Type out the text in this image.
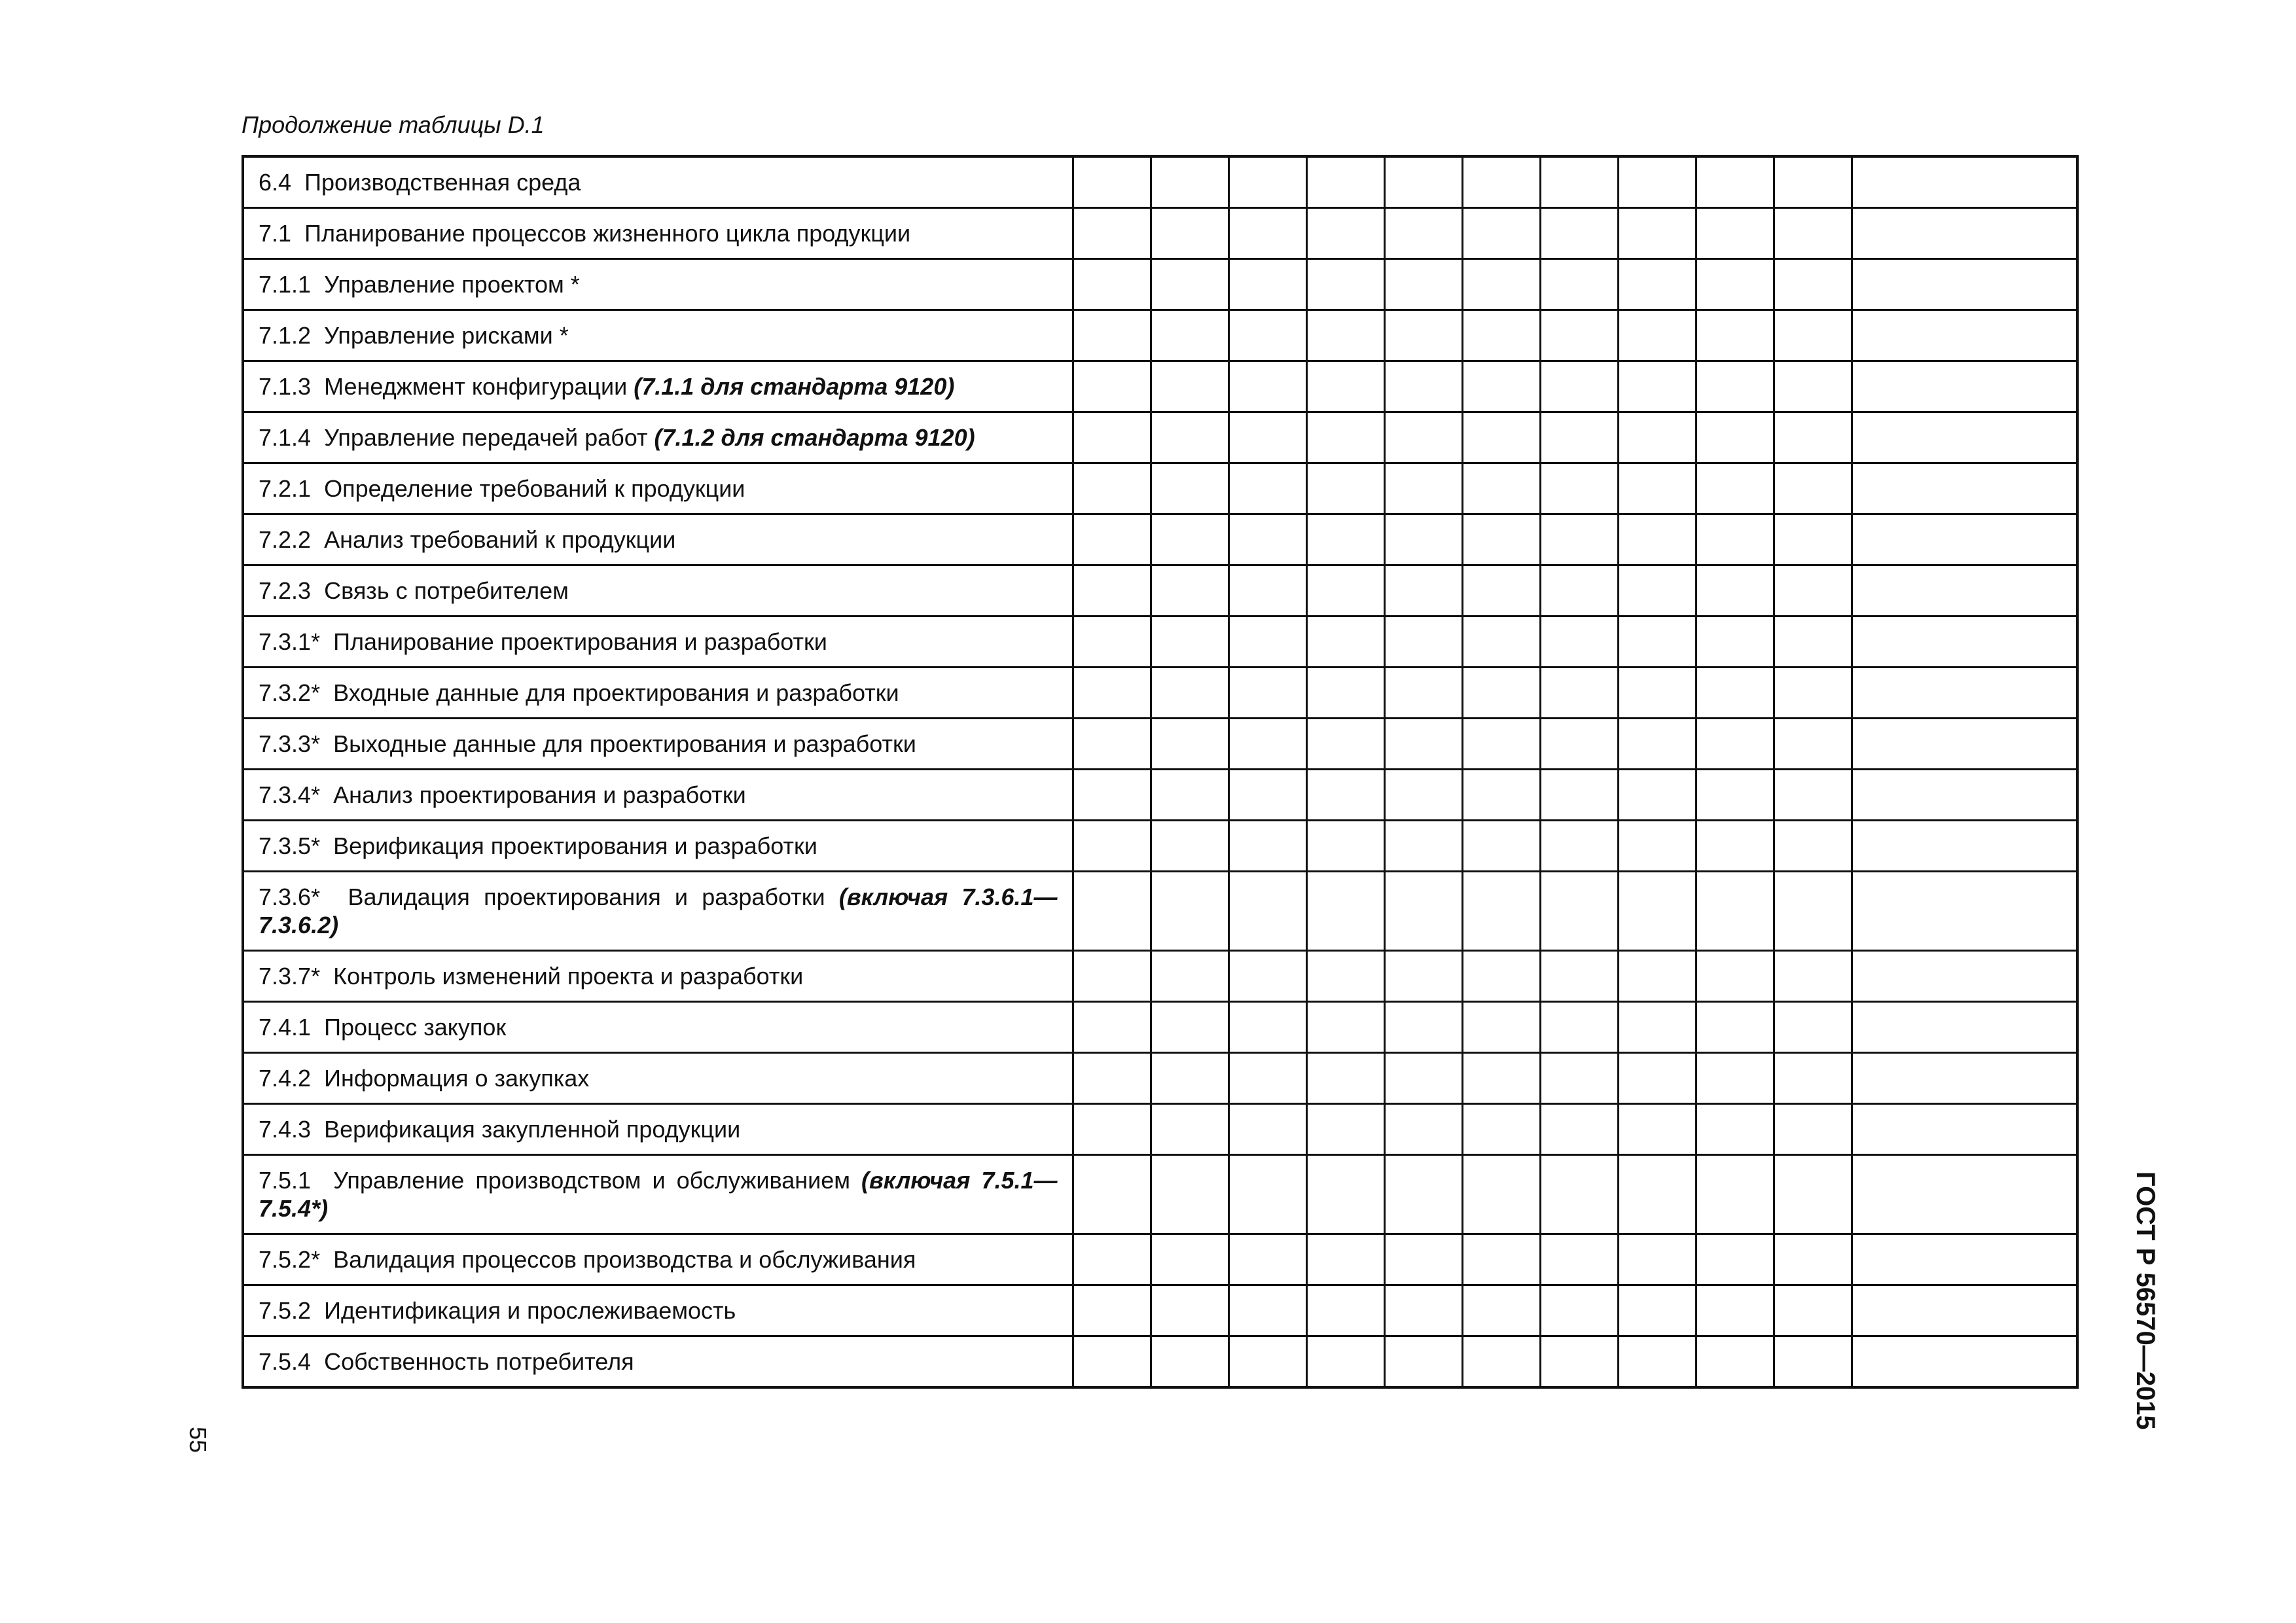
Продолжение таблицы D.1
6.4 Производственная среда											
7.1 Планирование процессов жизненного цикла продукции											
7.1.1 Управление проектом *											
7.1.2 Управление рисками *											
7.1.3 Менеджмент конфигурации (7.1.1 для стандарта 9120)											
7.1.4 Управление передачей работ (7.1.2 для стандарта 9120)											
7.2.1 Определение требований к продукции											
7.2.2 Анализ требований к продукции											
7.2.3 Связь с потребителем											
7.3.1* Планирование проектирования и разработки											
7.3.2* Входные данные для проектирования и разработки											
7.3.3* Выходные данные для проектирования и разработки											
7.3.4* Анализ проектирования и разработки											
7.3.5* Верификация проектирования и разработки											
7.3.6* Валидация проектирования и разработки (включая 7.3.6.1—7.3.6.2)											
7.3.7* Контроль изменений проекта и разработки											
7.4.1 Процесс закупок											
7.4.2 Информация о закупках											
7.4.3 Верификация закупленной продукции											
7.5.1 Управление производством и обслуживанием (включая 7.5.1—7.5.4*)											
7.5.2* Валидация процессов производства и обслуживания											
7.5.2 Идентификация и прослеживаемость											
7.5.4 Собственность потребителя											
55
ГОСТ Р 56570—2015
